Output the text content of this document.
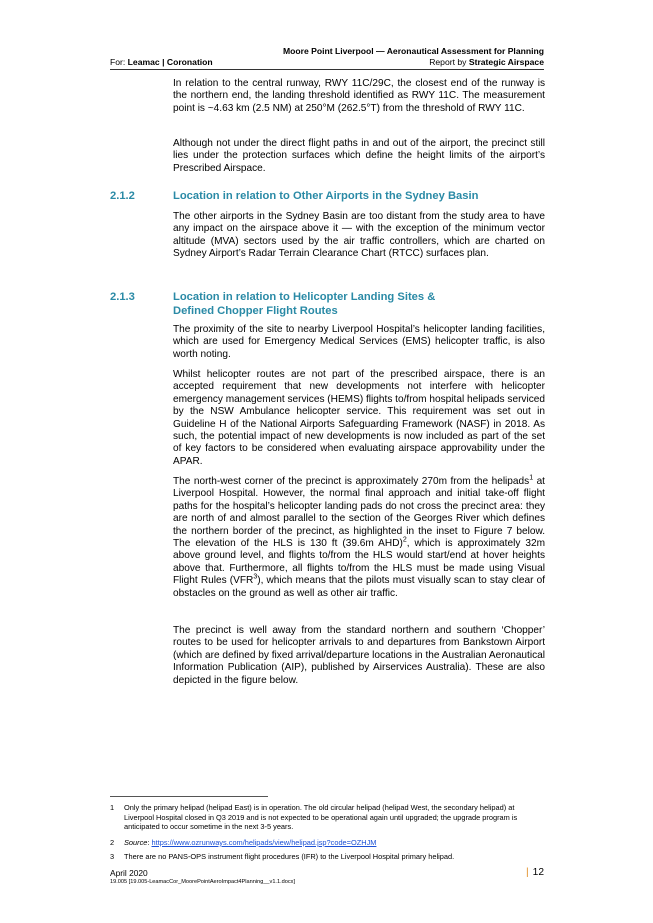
Moore Point Liverpool — Aeronautical Assessment for Planning
Report by Strategic Airspace
For: Leamac | Coronation

In relation to the central runway, RWY 11C/29C, the closest end of the runway is the northern end, the landing threshold identified as RWY 11C. The measurement point is ~4.63 km (2.5 NM) at 250°M (262.5°T) from the threshold of RWY 11C.

Although not under the direct flight paths in and out of the airport, the precinct still lies under the protection surfaces which define the height limits of the airport’s Prescribed Airspace.

2.1.2	Location in relation to Other Airports in the Sydney Basin

The other airports in the Sydney Basin are too distant from the study area to have any impact on the airspace above it — with the exception of the minimum vector altitude (MVA) sectors used by the air traffic controllers, which are charted on Sydney Airport’s Radar Terrain Clearance Chart (RTCC) surfaces plan.

2.1.3	Location in relation to Helicopter Landing Sites &
Defined Chopper Flight Routes

The proximity of the site to nearby Liverpool Hospital’s helicopter landing facilities, which are used for Emergency Medical Services (EMS) helicopter traffic, is also worth noting.

Whilst helicopter routes are not part of the prescribed airspace, there is an accepted requirement that new developments not interfere with helicopter emergency management services (HEMS) flights to/from hospital helipads serviced by the NSW Ambulance helicopter service. This requirement was set out in Guideline H of the National Airports Safeguarding Framework (NASF) in 2018. As such, the potential impact of new developments is now included as part of the set of key factors to be considered when evaluating airspace approvability under the APAR.

The north-west corner of the precinct is approximately 270m from the helipads$^1$ at Liverpool Hospital. However, the normal final approach and initial take-off flight paths for the hospital’s helicopter landing pads do not cross the precinct area: they are north of and almost parallel to the section of the Georges River which defines the northern border of the precinct, as highlighted in the inset to Figure 7 below. The elevation of the HLS is 130 ft (39.6m AHD)$^2$, which is approximately 32m above ground level, and flights to/from the HLS would start/end at hover heights above that. Furthermore, all flights to/from the HLS must be made using Visual Flight Rules (VFR$^3$), which means that the pilots must visually scan to stay clear of obstacles on the ground as well as other air traffic.

The precinct is well away from the standard northern and southern ‘Chopper’ routes to be used for helicopter arrivals to and departures from Bankstown Airport (which are defined by fixed arrival/departure locations in the Australian Aeronautical Information Publication (AIP), published by Airservices Australia). These are also depicted in the figure below.

1 Only the primary helipad (helipad East) is in operation. The old circular helipad (helipad West, the secondary helipad) at Liverpool Hospital closed in Q3 2019 and is not expected to be operational again until upgraded; the upgrade program is anticipated to occur sometime in the next 3-5 years.
2 Source: https://www.ozrunways.com/helipads/view/helipad.jsp?code=OZHJM
3 There are no PANS-OPS instrument flight procedures (IFR) to the Liverpool Hospital primary helipad.
April 2020
19.005 [19.005-LeamacCor_MoorePointAeroImpact4Planning__v1.1.docx]
| 12
